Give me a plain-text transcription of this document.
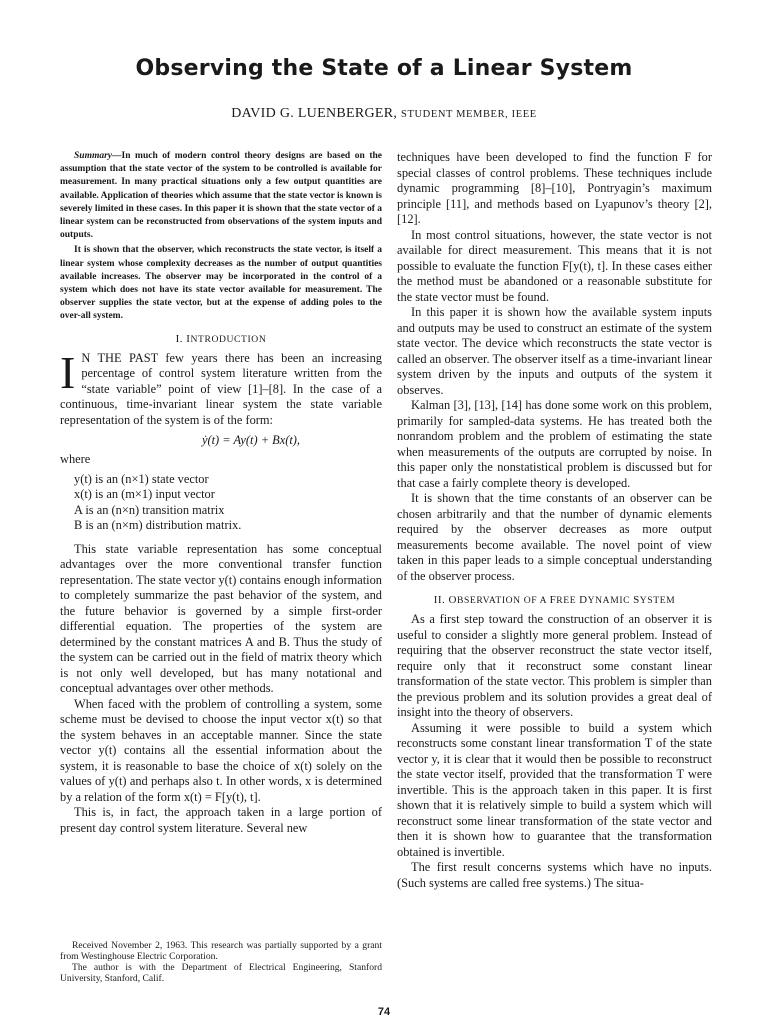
Observing the State of a Linear System
DAVID G. LUENBERGER, STUDENT MEMBER, IEEE

Summary—In much of modern control theory designs are based on the assumption that the state vector of the system to be controlled is available for measurement. In many practical situations only a few output quantities are available. Application of theories which assume that the state vector is known is severely limited in these cases. In this paper it is shown that the state vector of a linear system can be reconstructed from observations of the system inputs and outputs.

It is shown that the observer, which reconstructs the state vector, is itself a linear system whose complexity decreases as the number of output quantities available increases. The observer may be incorporated in the control of a system which does not have its state vector available for measurement. The observer supplies the state vector, but at the expense of adding poles to the over-all system.

I. INTRODUCTION
I N THE PAST few years there has been an increasing percentage of control system literature written from the “state variable” point of view [1]–[8]. In the case of a continuous, time-invariant linear system the state variable representation of the system is of the form:

ẏ(t) = Ay(t) + Bx(t),

where

y(t) is an (n×1) state vector
x(t) is an (m×1) input vector
A is an (n×n) transition matrix
B is an (n×m) distribution matrix.

This state variable representation has some conceptual advantages over the more conventional transfer function representation. The state vector y(t) contains enough information to completely summarize the past behavior of the system, and the future behavior is governed by a simple first-order differential equation. The properties of the system are determined by the constant matrices A and B. Thus the study of the system can be carried out in the field of matrix theory which is not only well developed, but has many notational and conceptual advantages over other methods.

When faced with the problem of controlling a system, some scheme must be devised to choose the input vector x(t) so that the system behaves in an acceptable manner. Since the state vector y(t) contains all the essential information about the system, it is reasonable to base the choice of x(t) solely on the values of y(t) and perhaps also t. In other words, x is determined by a relation of the form x(t) = F[y(t), t].

This is, in fact, the approach taken in a large portion of present day control system literature. Several new

techniques have been developed to find the function F for special classes of control problems. These techniques include dynamic programming [8]–[10], Pontryagin’s maximum principle [11], and methods based on Lyapunov’s theory [2], [12].

In most control situations, however, the state vector is not available for direct measurement. This means that it is not possible to evaluate the function F[y(t), t]. In these cases either the method must be abandoned or a reasonable substitute for the state vector must be found.

In this paper it is shown how the available system inputs and outputs may be used to construct an estimate of the system state vector. The device which reconstructs the state vector is called an observer. The observer itself as a time-invariant linear system driven by the inputs and outputs of the system it observes.

Kalman [3], [13], [14] has done some work on this problem, primarily for sampled-data systems. He has treated both the nonrandom problem and the problem of estimating the state when measurements of the outputs are corrupted by noise. In this paper only the nonstatistical problem is discussed but for that case a fairly complete theory is developed.

It is shown that the time constants of an observer can be chosen arbitrarily and that the number of dynamic elements required by the observer decreases as more output measurements become available. The novel point of view taken in this paper leads to a simple conceptual understanding of the observer process.

II. OBSERVATION OF A FREE DYNAMIC SYSTEM

As a first step toward the construction of an observer it is useful to consider a slightly more general problem. Instead of requiring that the observer reconstruct the state vector itself, require only that it reconstruct some constant linear transformation of the state vector. This problem is simpler than the previous problem and its solution provides a great deal of insight into the theory of observers.

Assuming it were possible to build a system which reconstructs some constant linear transformation T of the state vector y, it is clear that it would then be possible to reconstruct the state vector itself, provided that the transformation T were invertible. This is the approach taken in this paper. It is first shown that it is relatively simple to build a system which will reconstruct some linear transformation of the state vector and then it is shown how to guarantee that the transformation obtained is invertible.

The first result concerns systems which have no inputs. (Such systems are called free systems.) The situa-

Received November 2, 1963. This research was partially supported by a grant from Westinghouse Electric Corporation.

The author is with the Department of Electrical Engineering, Stanford University, Stanford, Calif.

74
